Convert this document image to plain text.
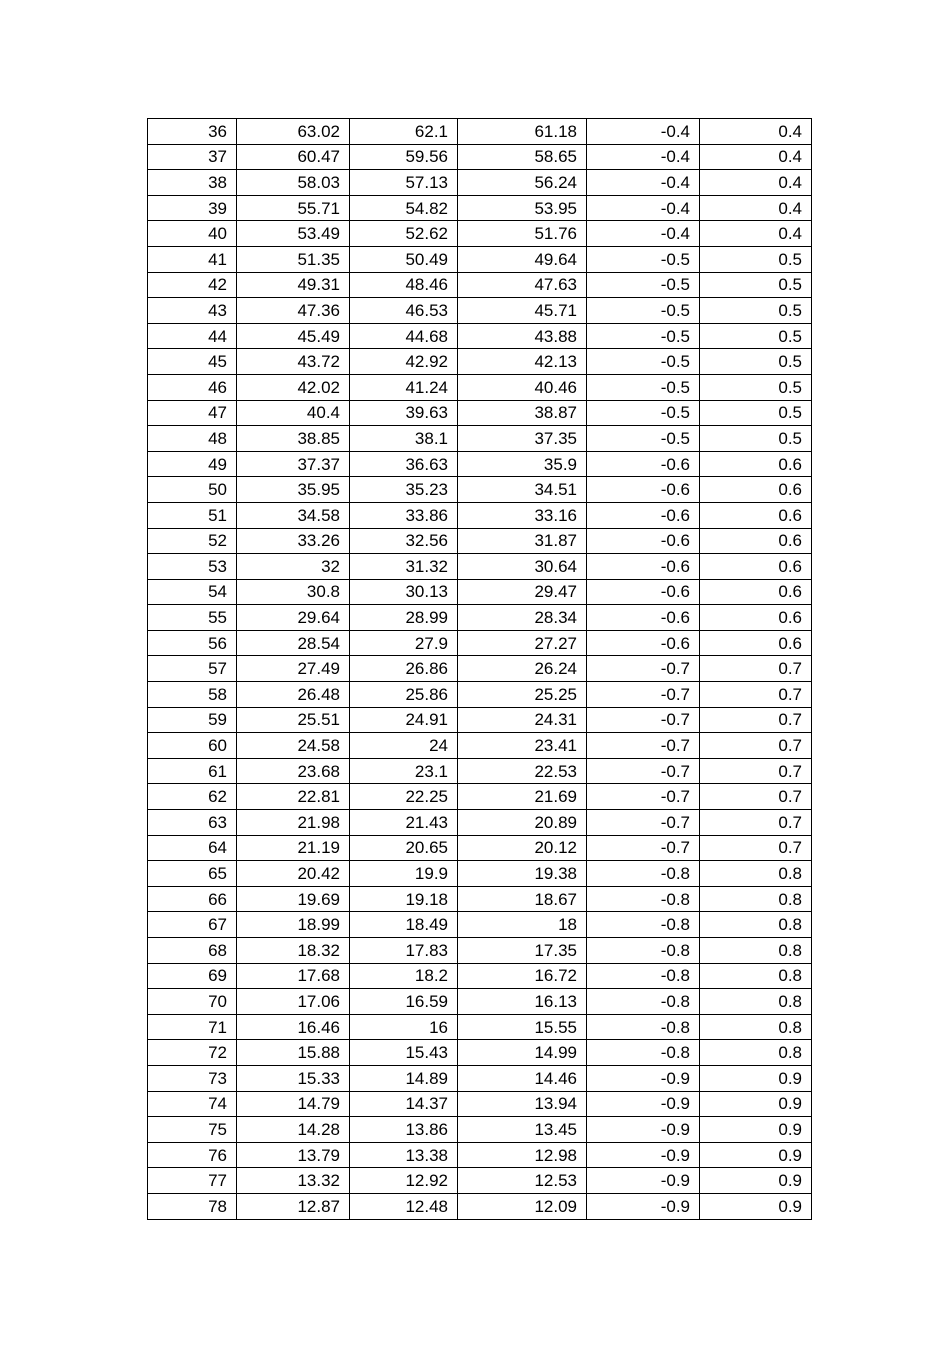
36	63.02	62.1	61.18	-0.4	0.4
37	60.47	59.56	58.65	-0.4	0.4
38	58.03	57.13	56.24	-0.4	0.4
39	55.71	54.82	53.95	-0.4	0.4
40	53.49	52.62	51.76	-0.4	0.4
41	51.35	50.49	49.64	-0.5	0.5
42	49.31	48.46	47.63	-0.5	0.5
43	47.36	46.53	45.71	-0.5	0.5
44	45.49	44.68	43.88	-0.5	0.5
45	43.72	42.92	42.13	-0.5	0.5
46	42.02	41.24	40.46	-0.5	0.5
47	40.4	39.63	38.87	-0.5	0.5
48	38.85	38.1	37.35	-0.5	0.5
49	37.37	36.63	35.9	-0.6	0.6
50	35.95	35.23	34.51	-0.6	0.6
51	34.58	33.86	33.16	-0.6	0.6
52	33.26	32.56	31.87	-0.6	0.6
53	32	31.32	30.64	-0.6	0.6
54	30.8	30.13	29.47	-0.6	0.6
55	29.64	28.99	28.34	-0.6	0.6
56	28.54	27.9	27.27	-0.6	0.6
57	27.49	26.86	26.24	-0.7	0.7
58	26.48	25.86	25.25	-0.7	0.7
59	25.51	24.91	24.31	-0.7	0.7
60	24.58	24	23.41	-0.7	0.7
61	23.68	23.1	22.53	-0.7	0.7
62	22.81	22.25	21.69	-0.7	0.7
63	21.98	21.43	20.89	-0.7	0.7
64	21.19	20.65	20.12	-0.7	0.7
65	20.42	19.9	19.38	-0.8	0.8
66	19.69	19.18	18.67	-0.8	0.8
67	18.99	18.49	18	-0.8	0.8
68	18.32	17.83	17.35	-0.8	0.8
69	17.68	18.2	16.72	-0.8	0.8
70	17.06	16.59	16.13	-0.8	0.8
71	16.46	16	15.55	-0.8	0.8
72	15.88	15.43	14.99	-0.8	0.8
73	15.33	14.89	14.46	-0.9	0.9
74	14.79	14.37	13.94	-0.9	0.9
75	14.28	13.86	13.45	-0.9	0.9
76	13.79	13.38	12.98	-0.9	0.9
77	13.32	12.92	12.53	-0.9	0.9
78	12.87	12.48	12.09	-0.9	0.9
